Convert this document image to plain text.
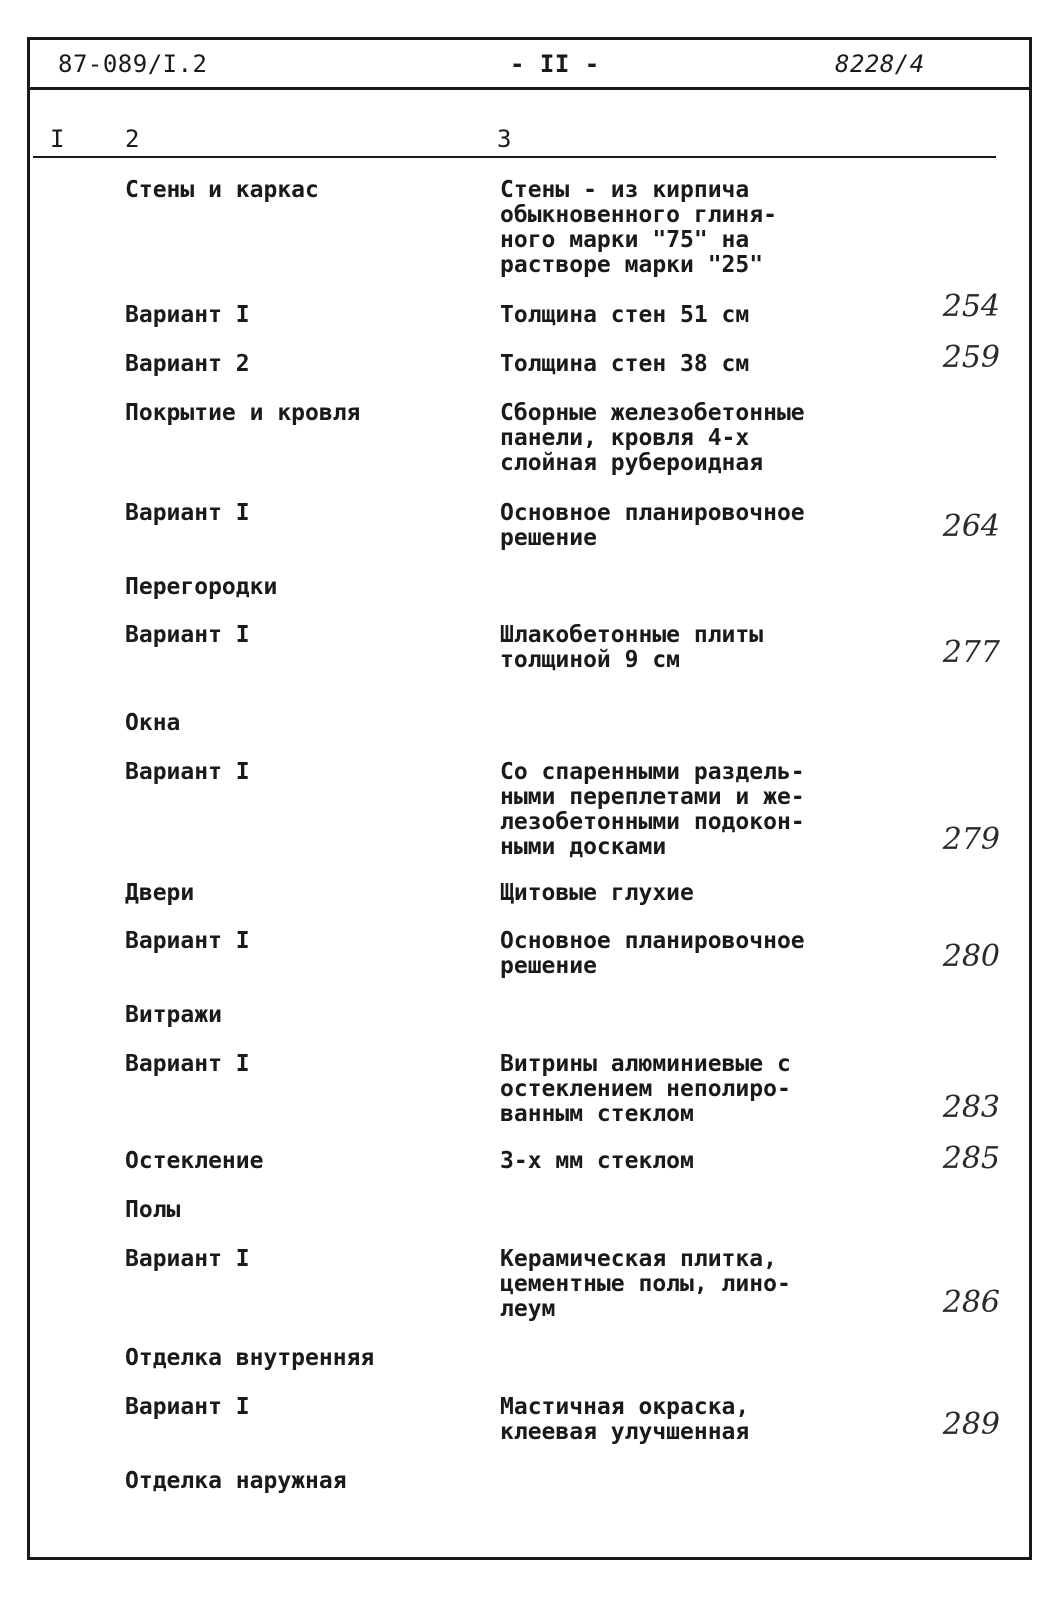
87-089/I.2	- II -	8228/4
I	2	3
Стены и каркас	Стены - из кирпича
обыкновенного глиня-
ного марки "75" на
растворе марки "25"
Вариант I	Толщина стен 51 см	254
Вариант 2	Толщина стен 38 см	259
Покрытие и кровля	Сборные железобетонные
панели, кровля 4-х
слойная рубероидная
Вариант I	Основное планировочное
решение	264
Перегородки
Вариант I	Шлакобетонные плиты
толщиной 9 см	277
Окна
Вариант I	Со спаренными раздель-
ными переплетами и же-
лезобетонными подокон-
ными досками	279
Двери	Щитовые глухие
Вариант I	Основное планировочное
решение	280
Витражи
Вариант I	Витрины алюминиевые с
остеклением неполиро-
ванным стеклом	283
Остекление	3-х мм стеклом	285
Полы
Вариант I	Керамическая плитка,
цементные полы, лино-
леум	286
Отделка внутренняя
Вариант I	Мастичная окраска,
клеевая улучшенная	289
Отделка наружная
